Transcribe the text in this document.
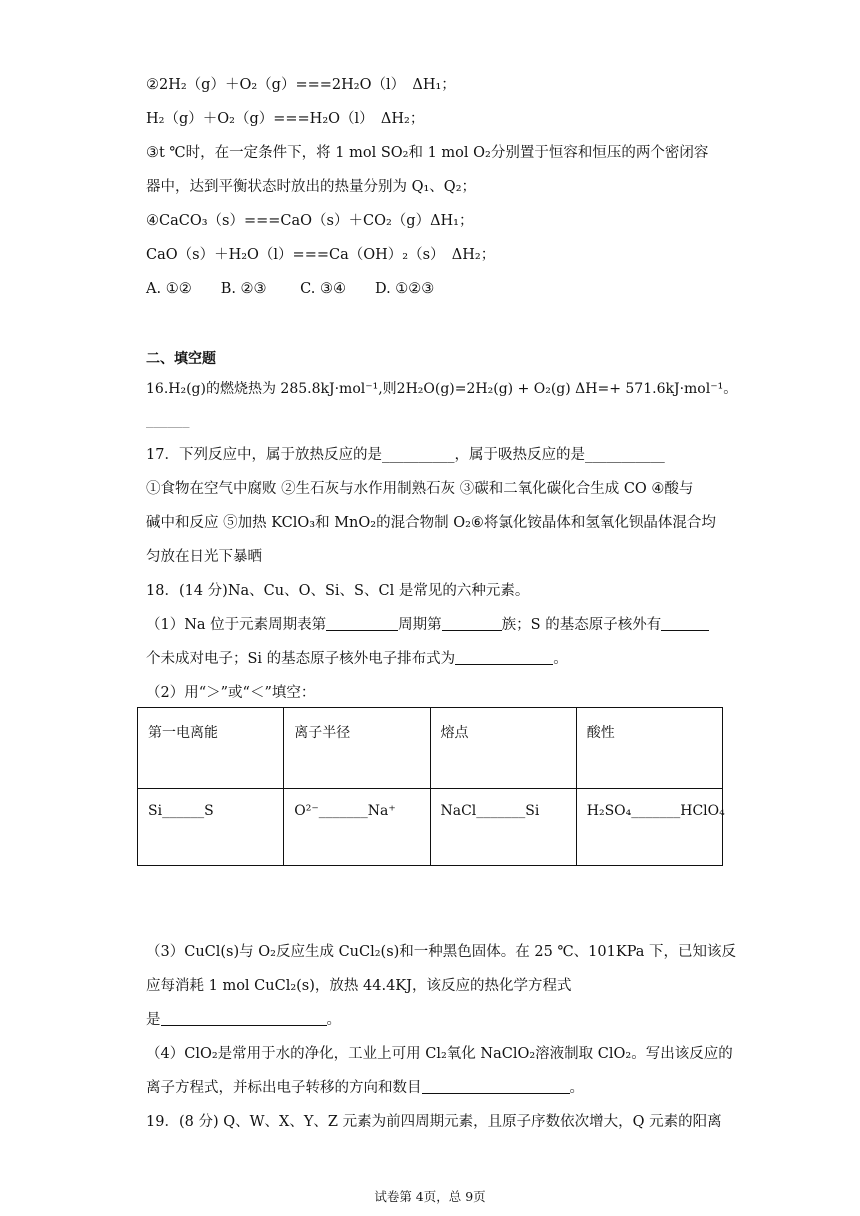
②2H₂（g）＋O₂（g）===2H₂O（l）　ΔH₁；
H₂（g）＋O₂（g）===H₂O（l）　ΔH₂；
③t ℃时，在一定条件下，将 1 mol SO₂和 1 mol O₂分别置于恒容和恒压的两个密闭容
器中，达到平衡状态时放出的热量分别为 Q₁、Q₂；
④CaCO₃（s）===CaO（s）＋CO₂（g）ΔH₁；
CaO（s）＋H₂O（l）===Ca（OH）₂（s）　ΔH₂；
A. ①②　　B. ②③　　 C. ③④　　D. ①②③
二、填空题
16.H₂(g)的燃烧热为 285.8kJ·mol⁻¹,则2H₂O(g)=2H₂(g) + O₂(g) ΔH=+ 571.6kJ·mol⁻¹。
______
17．下列反应中，属于放热反应的是__________，属于吸热反应的是___________
①食物在空气中腐败 ②生石灰与水作用制熟石灰 ③碳和二氧化碳化合生成 CO ④酸与
碱中和反应 ⑤加热 KClO₃和 MnO₂的混合物制 O₂⑥将氯化铵晶体和氢氧化钡晶体混合均
匀放在日光下暴晒
18．(14 分)Na、Cu、O、Si、S、Cl 是常见的六种元素。
（1）Na 位于元素周期表第	周期第	族；S 的基态原子核外有
个未成对电子；Si 的基态原子核外电子排布式为	。
（2）用“＞”或“＜”填空：
第一电离能	离子半径	熔点	酸性
Si______S	O²⁻_______Na⁺	NaCl_______Si	H₂SO₄_______HClO₄
（3）CuCl(s)与 O₂反应生成 CuCl₂(s)和一种黑色固体。在 25 ℃、101KPa 下，已知该反
应每消耗 1 mol CuCl₂(s)，放热 44.4KJ，该反应的热化学方程式
是	。
（4）ClO₂是常用于水的净化，工业上可用 Cl₂氧化 NaClO₂溶液制取 ClO₂。写出该反应的
离子方程式，并标出电子转移的方向和数目	。
19．(8 分) Q、W、X、Y、Z 元素为前四周期元素，且原子序数依次增大，Q 元素的阳离
试卷第 4页，总 9页
